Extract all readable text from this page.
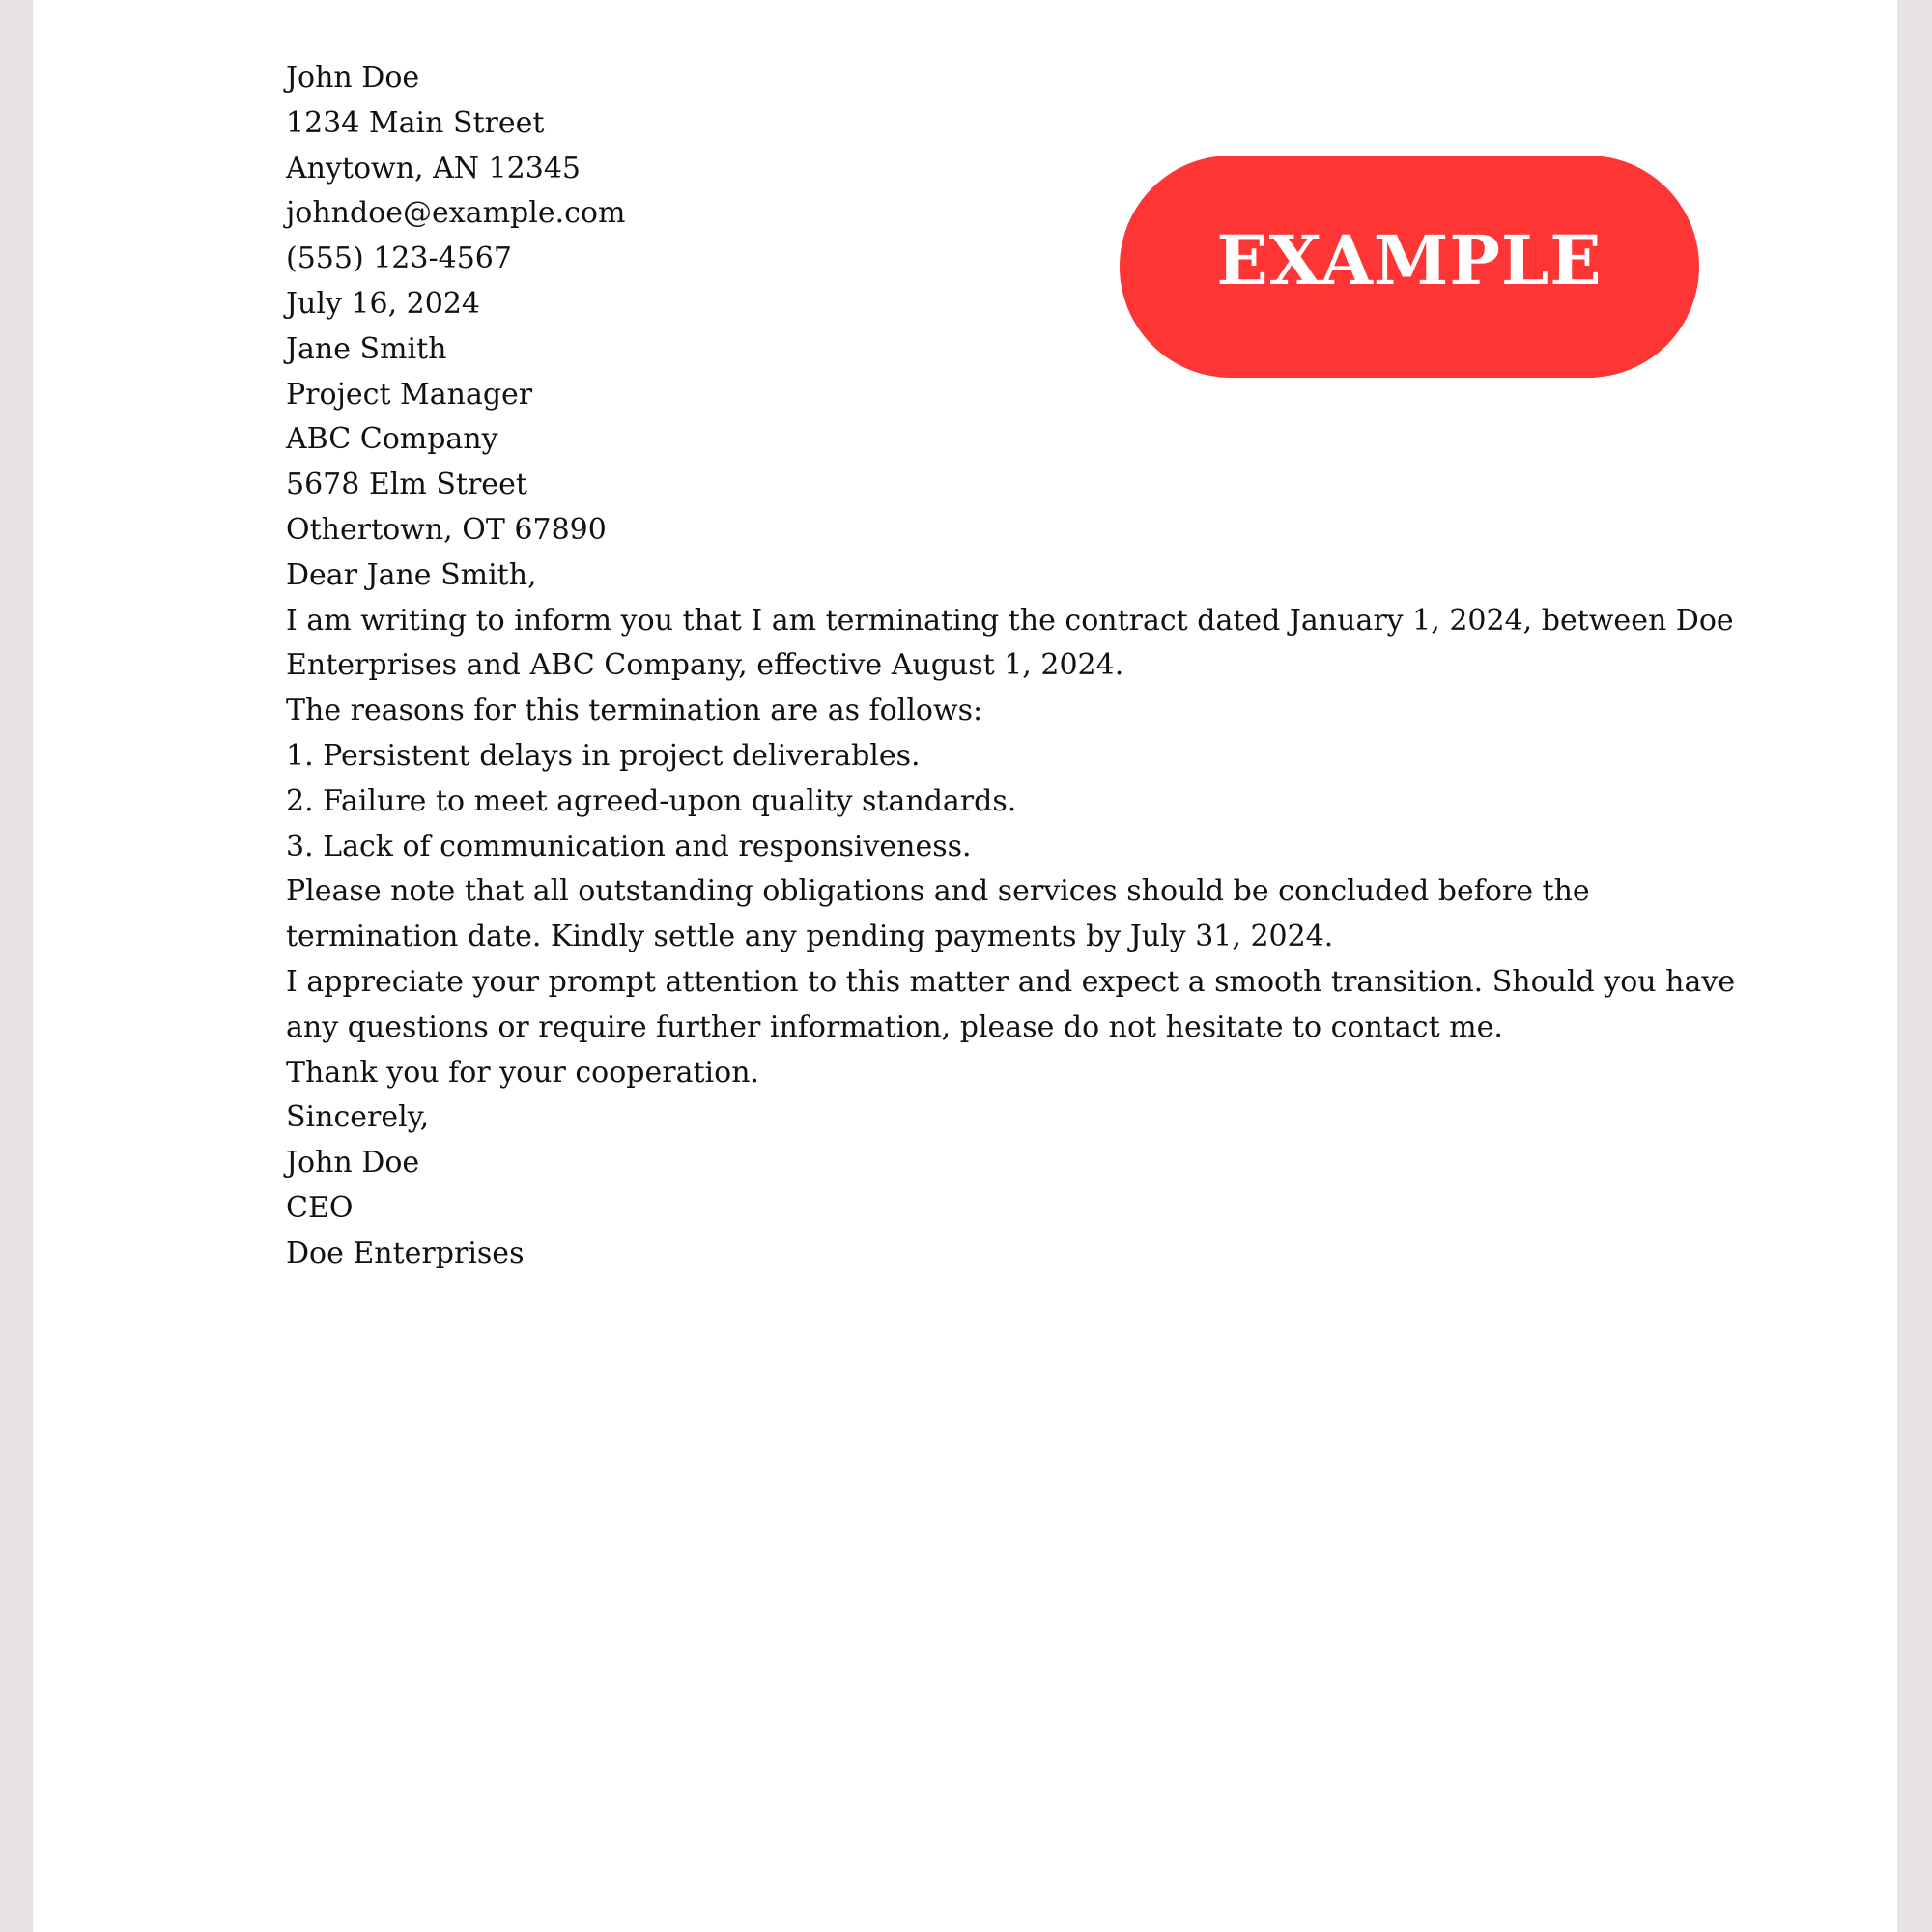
EXAMPLE

John Doe
1234 Main Street
Anytown, AN 12345
johndoe@example.com
(555) 123-4567

July 16, 2024

Jane Smith
Project Manager
ABC Company
5678 Elm Street
Othertown, OT 67890

Dear Jane Smith,

I am writing to inform you that I am terminating the contract dated January 1, 2024, between Doe
Enterprises and ABC Company, effective August 1, 2024.

The reasons for this termination are as follows:
1. Persistent delays in project deliverables.
2. Failure to meet agreed-upon quality standards.
3. Lack of communication and responsiveness.

Please note that all outstanding obligations and services should be concluded before the
termination date. Kindly settle any pending payments by July 31, 2024.

I appreciate your prompt attention to this matter and expect a smooth transition. Should you have
any questions or require further information, please do not hesitate to contact me.

Thank you for your cooperation.

Sincerely,
John Doe
CEO
Doe Enterprises
